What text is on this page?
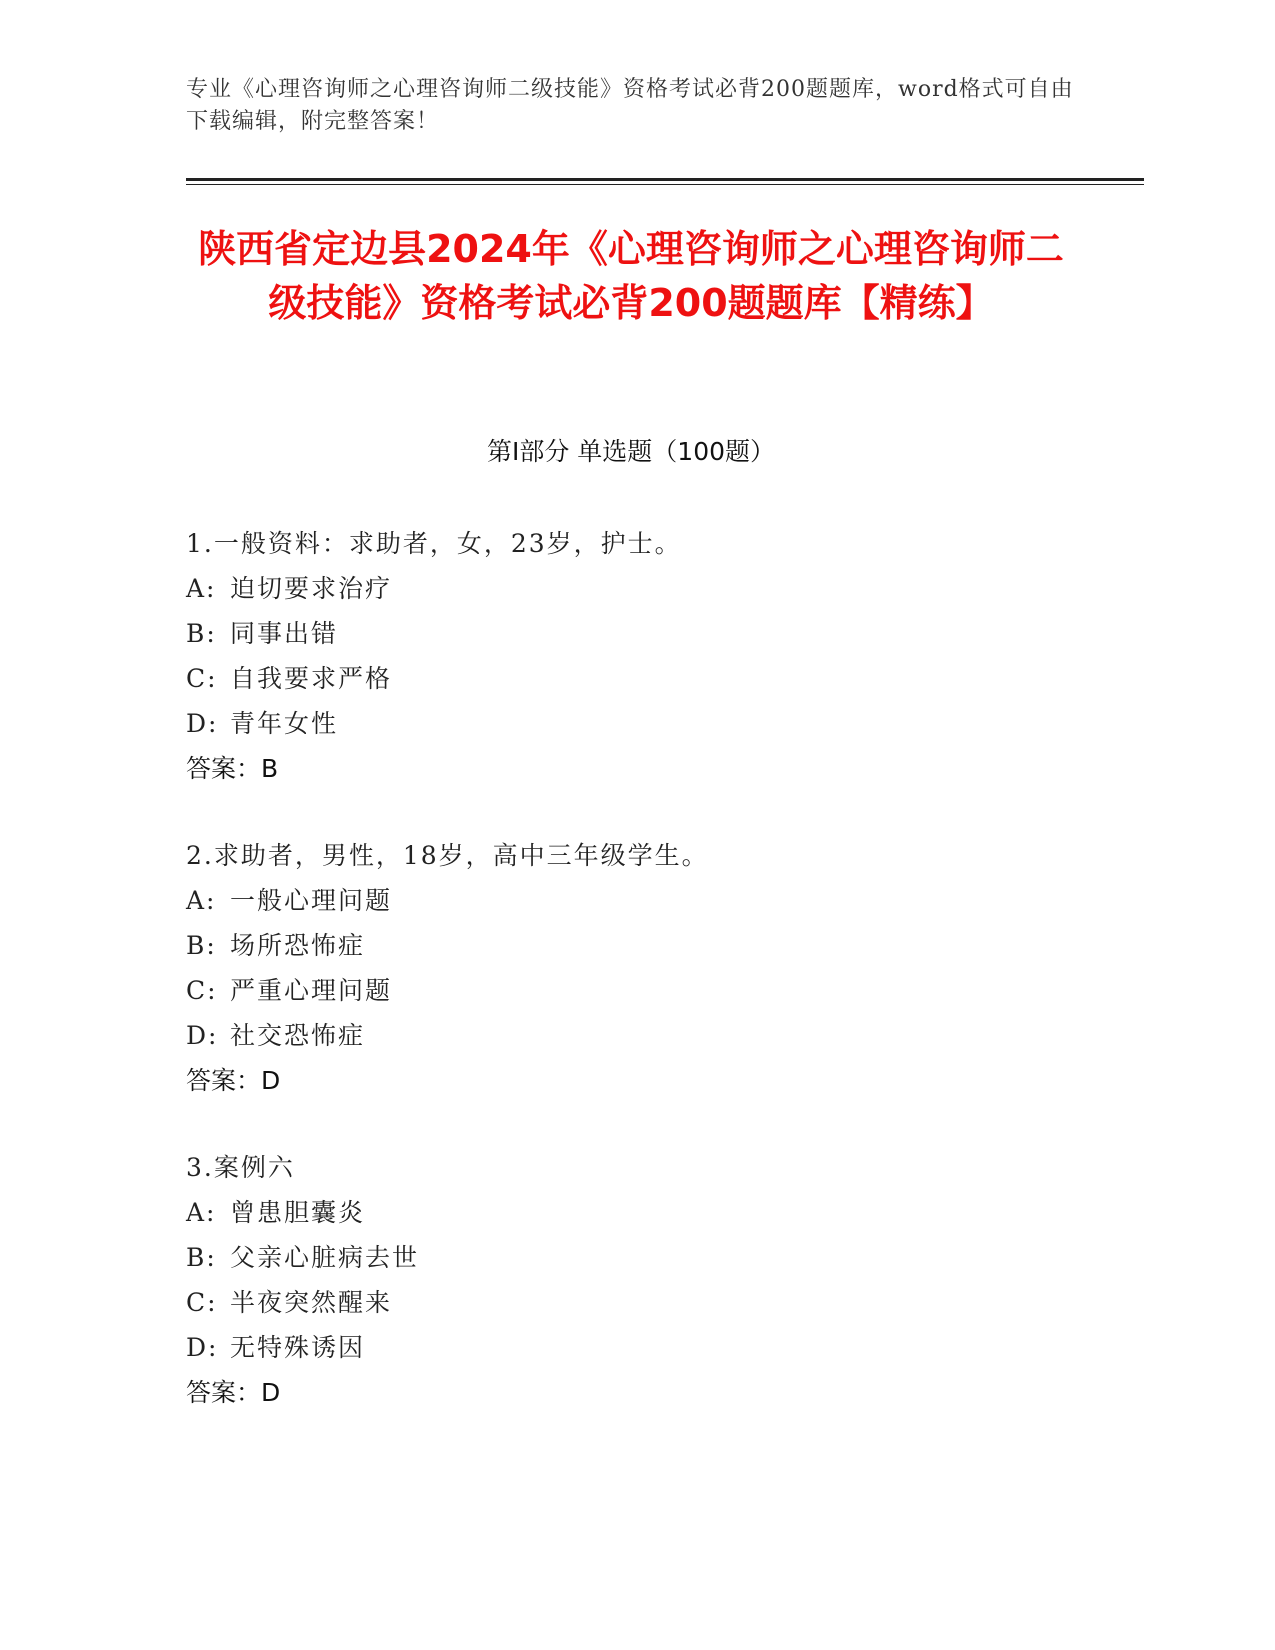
专业《心理咨询师之心理咨询师二级技能》资格考试必背200题题库，word格式可自由下载编辑，附完整答案！
陕西省定边县2024年《心理咨询师之心理咨询师二级技能》资格考试必背200题题库【精练】
第I部分 单选题（100题）
1.一般资料：求助者，女，23岁，护士。
A: 迫切要求治疗
B: 同事出错
C: 自我要求严格
D: 青年女性
答案：B
2.求助者，男性，18岁，高中三年级学生。
A: 一般心理问题
B: 场所恐怖症
C: 严重心理问题
D: 社交恐怖症
答案：D
3.案例六
A: 曾患胆囊炎
B: 父亲心脏病去世
C: 半夜突然醒来
D: 无特殊诱因
答案：D
